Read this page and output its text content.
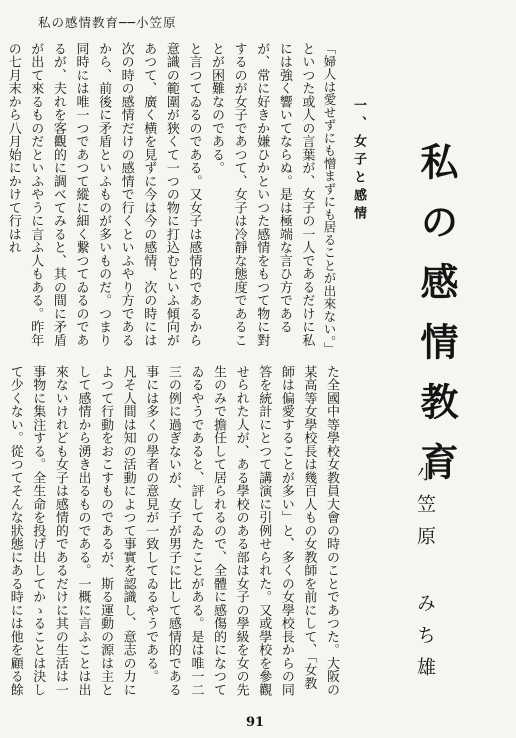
私の感情教育──小笠原
私の感情教育
小笠原 みち雄
一、女子と感情

「婦人は愛せずにも憎まずにも居ることが出來ない。」

といつた或人の言葉が、女子の一人であるだけに私には強く響いてならぬ。是は極端な言ひ方であるが、常に好きか嫌ひかといつた感情をもつて物に對するのが女子であつて、女子は冷靜な態度であることが困難なのである。

と言つてゐるのである。又女子は感情的であるから意識の範圍が狹くて一つの物に打込むといふ傾向があつて、廣く横を見ずに今は今の感情、次の時には次の時の感情だけの感情で行くといふやり方であるから、前後に矛盾といふものが多いものだ。つまり同時には唯一つであつて縱に細く繋つてゐるのであるが、夫れを客觀的に調べてみると、其の間に矛盾が出て來るものだといふやうに言ふ人もある。昨年の七月末から八月始にかけて行はれ

た全國中等學校女教員大會の時のことであつた。大阪の某高等女學校長は幾百人もの女教師を前にして、「女教師は偏愛することが多い」と、多くの女學校長からの同答を統計にとつて講演に引例せられた。又或學校を參觀せられた人が、ある學校のある部は女子の學級を女の先生のみで擔任して居られるので、全體に感傷的になつてゐるやうであると、評してゐたことがある。是は唯一二三の例に過ぎないが、女子が男子に比して感情的である事には多くの學者の意見が一致してゐるやうである。

凡そ人間は知の活動によつて事實を認識し、意志の力によつて行動をおこすものであるが、斯る運動の源は主として感情から湧き出るものである。一概に言ふことは出來ないけれども女子は感情的であるだけに其の生活は一事物に集注する。全生命を投げ出してかゝることは決して少くない。從つてそんな狀態にある時には他を顧る餘

91
